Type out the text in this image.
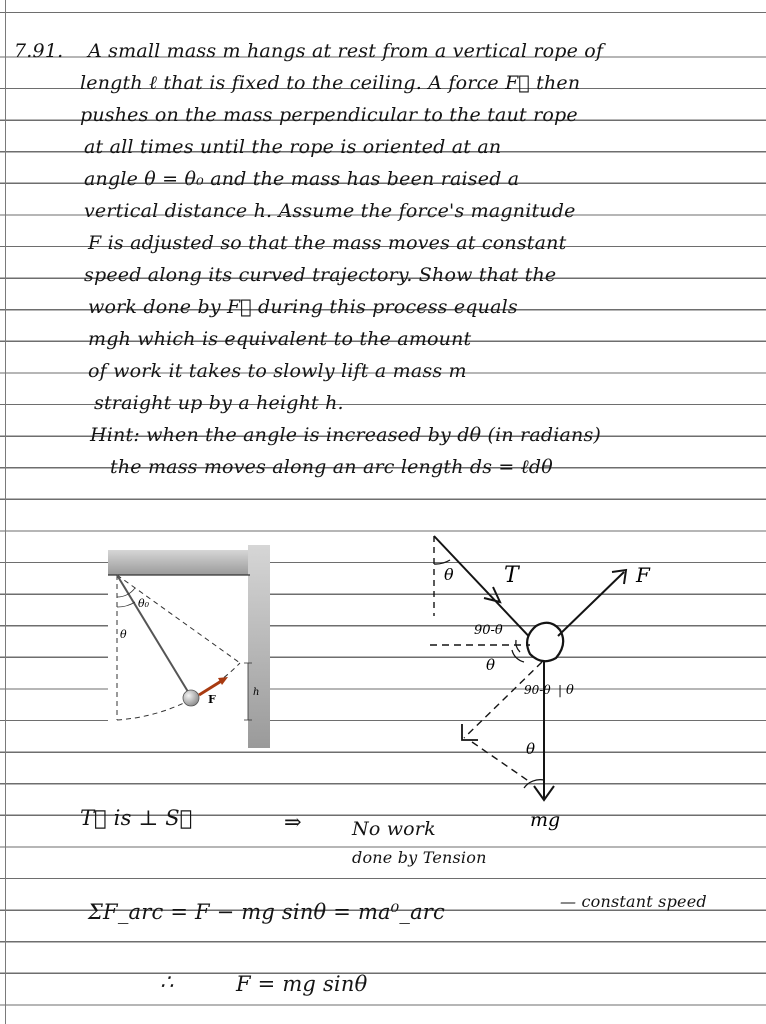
7.91. A small mass m hangs at rest from a vertical rope of
length ℓ that is fixed to the ceiling. A force F⃗ then
pushes on the mass perpendicular to the taut rope
at all times until the rope is oriented at an
angle θ = θ₀ and the mass has been raised a
vertical distance h. Assume the force's magnitude
F is adjusted so that the mass moves at constant
speed along its curved trajectory. Show that the
work done by F⃗ during this process equals
mgh which is equivalent to the amount
of work it takes to slowly lift a mass m
straight up by a height h.
Hint: when the angle is increased by dθ (in radians)
the mass moves along an arc length ds = ℓdθ
θ₀
θ
F
h
θ T	F
90-θ
θ
90-θ | θ
θ
mg
T⃗ is ⊥ S⃗	⇒	No work
done by Tension
ΣF_arc = F − mg sinθ = ma⁰_arc	— constant speed
∴	F = mg sinθ
